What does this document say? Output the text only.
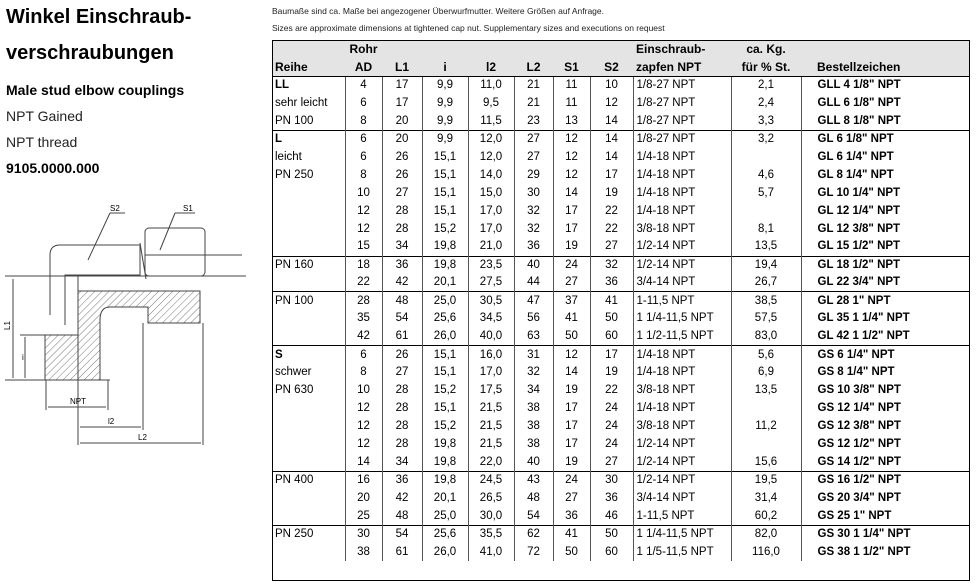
Winkel Einschraub-
verschraubungen
Male stud elbow couplings
NPT Gained
NPT thread
9105.0000.000
S2	S1
L1
i
NPT
l2
L2
Baumaße sind ca. Maße bei angezogener Überwurfmutter. Weitere Größen auf Anfrage.
Sizes are approximate dimensions at tightened cap nut. Supplementary sizes and executions on request
	Rohr							Einschraub-	ca. Kg.	
Reihe	AD	L1	i	l2	L2	S1	S2	zapfen NPT	für % St.	Bestellzeichen
LL	4	17	9,9	11,0	21	11	10	1/8-27 NPT	2,1	GLL 4 1/8" NPT
sehr leicht	6	17	9,9	9,5	21	11	12	1/8-27 NPT	2,4	GLL 6 1/8" NPT
PN 100	8	20	9,9	11,5	23	13	14	1/8-27 NPT	3,3	GLL 8 1/8" NPT
L	6	20	9,9	12,0	27	12	14	1/8-27 NPT	3,2	GL 6 1/8" NPT
leicht	6	26	15,1	12,0	27	12	14	1/4-18 NPT		GL 6 1/4" NPT
PN 250	8	26	15,1	14,0	29	12	17	1/4-18 NPT	4,6	GL 8 1/4" NPT
	10	27	15,1	15,0	30	14	19	1/4-18 NPT	5,7	GL 10 1/4" NPT
	12	28	15,1	17,0	32	17	22	1/4-18 NPT		GL 12 1/4" NPT
	12	28	15,2	17,0	32	17	22	3/8-18 NPT	8,1	GL 12 3/8" NPT
	15	34	19,8	21,0	36	19	27	1/2-14 NPT	13,5	GL 15 1/2" NPT
PN 160	18	36	19,8	23,5	40	24	32	1/2-14 NPT	19,4	GL 18 1/2" NPT
	22	42	20,1	27,5	44	27	36	3/4-14 NPT	26,7	GL 22 3/4" NPT
PN 100	28	48	25,0	30,5	47	37	41	1-11,5 NPT	38,5	GL 28 1" NPT
	35	54	25,6	34,5	56	41	50	1 1/4-11,5 NPT	57,5	GL 35 1 1/4" NPT
	42	61	26,0	40,0	63	50	60	1 1/2-11,5 NPT	83,0	GL 42 1 1/2" NPT
S	6	26	15,1	16,0	31	12	17	1/4-18 NPT	5,6	GS 6 1/4" NPT
schwer	8	27	15,1	17,0	32	14	19	1/4-18 NPT	6,9	GS 8 1/4" NPT
PN 630	10	28	15,2	17,5	34	19	22	3/8-18 NPT	13,5	GS 10 3/8" NPT
	12	28	15,1	21,5	38	17	24	1/4-18 NPT		GS 12 1/4" NPT
	12	28	15,2	21,5	38	17	24	3/8-18 NPT	11,2	GS 12 3/8" NPT
	12	28	19,8	21,5	38	17	24	1/2-14 NPT		GS 12 1/2" NPT
	14	34	19,8	22,0	40	19	27	1/2-14 NPT	15,6	GS 14 1/2" NPT
PN 400	16	36	19,8	24,5	43	24	30	1/2-14 NPT	19,5	GS 16 1/2" NPT
	20	42	20,1	26,5	48	27	36	3/4-14 NPT	31,4	GS 20 3/4" NPT
	25	48	25,0	30,0	54	36	46	1-11,5 NPT	60,2	GS 25 1" NPT
PN 250	30	54	25,6	35,5	62	41	50	1 1/4-11,5 NPT	82,0	GS 30 1 1/4" NPT
	38	61	26,0	41,0	72	50	60	1 1/5-11,5 NPT	116,0	GS 38 1 1/2" NPT
